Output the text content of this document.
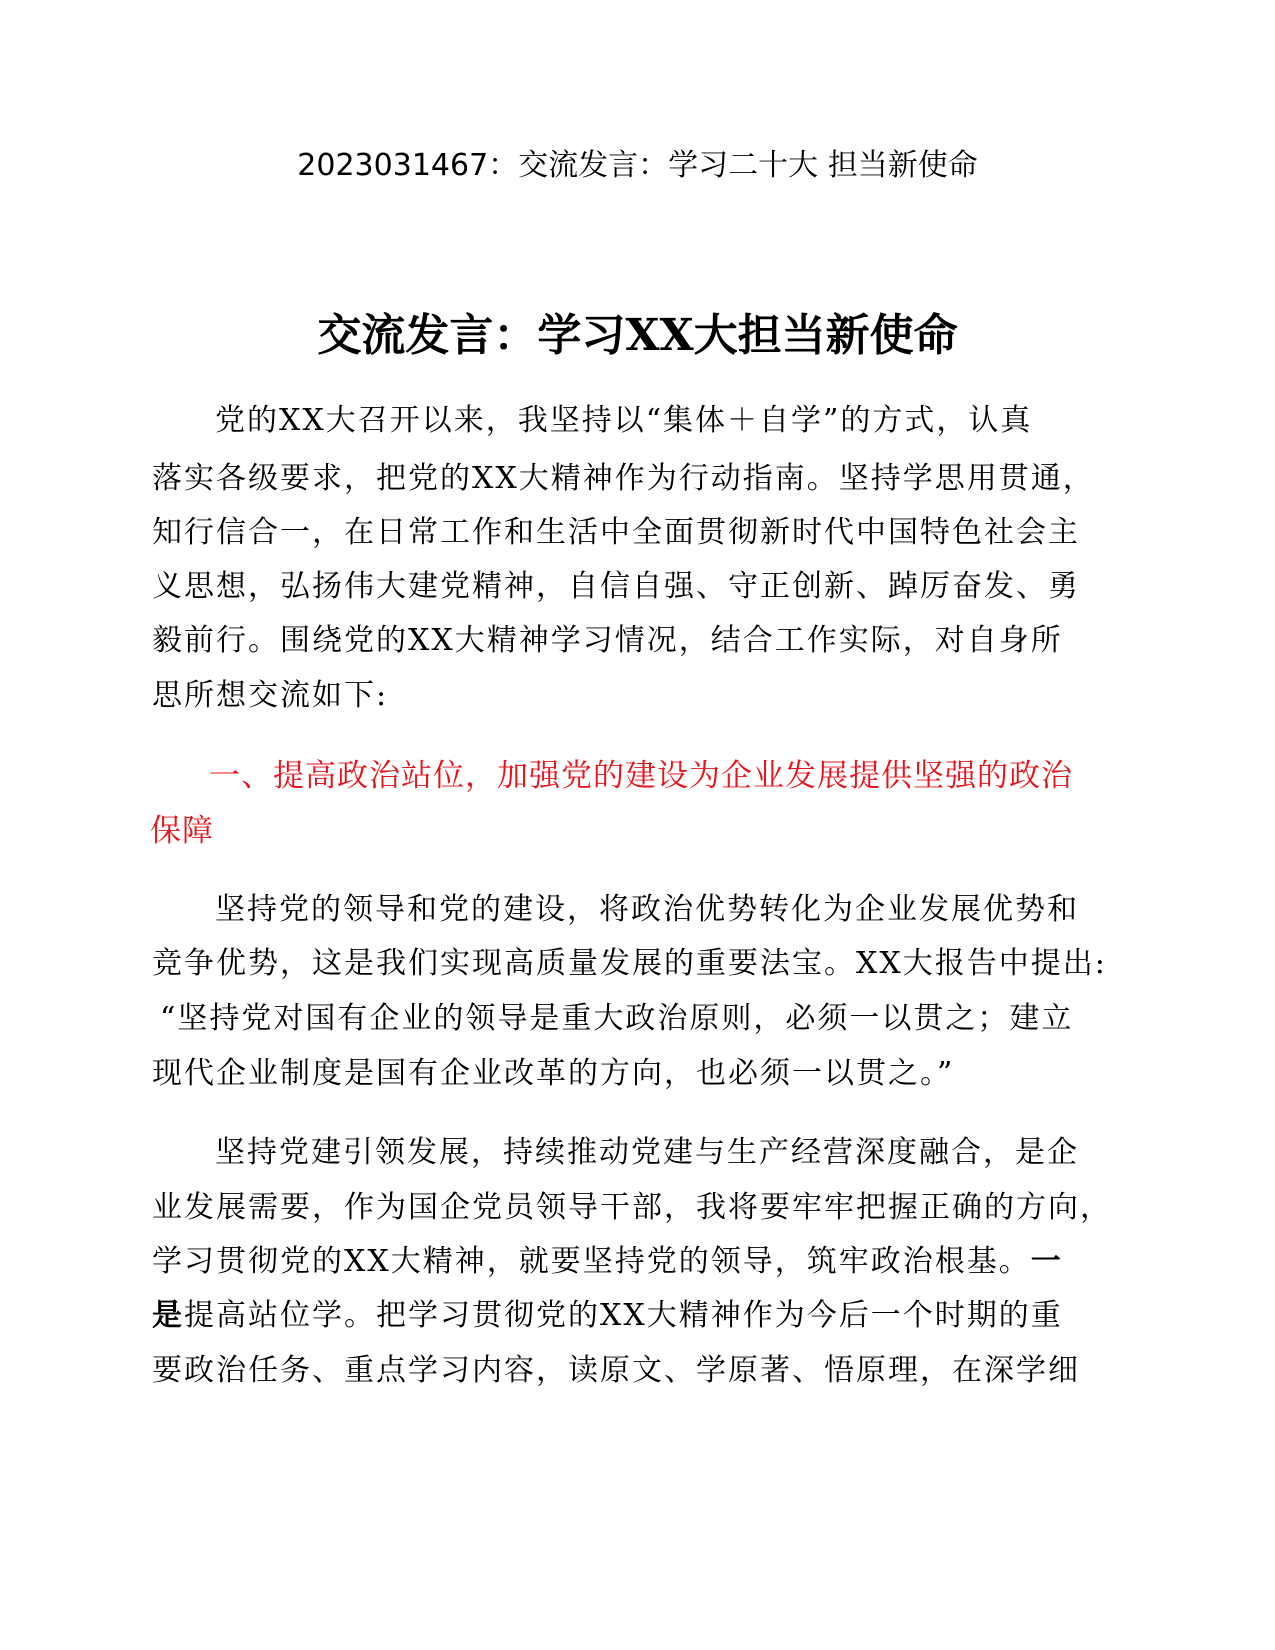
2023031467：交流发言：学习二十大 担当新使命
交流发言：学习XX大担当新使命
党的XX大召开以来，我坚持以“集体＋自学”的方式，认真
落实各级要求，把党的XX大精神作为行动指南。坚持学思用贯通，
知行信合一，在日常工作和生活中全面贯彻新时代中国特色社会主
义思想，弘扬伟大建党精神，自信自强、守正创新、踔厉奋发、勇
毅前行。围绕党的XX大精神学习情况，结合工作实际，对自身所
思所想交流如下:
一、提高政治站位，加强党的建设为企业发展提供坚强的政治
保障
坚持党的领导和党的建设，将政治优势转化为企业发展优势和
竞争优势，这是我们实现高质量发展的重要法宝。XX大报告中提出:
“坚持党对国有企业的领导是重大政治原则，必须一以贯之；建立
现代企业制度是国有企业改革的方向，也必须一以贯之。”
坚持党建引领发展，持续推动党建与生产经营深度融合，是企
业发展需要，作为国企党员领导干部，我将要牢牢把握正确的方向，
学习贯彻党的XX大精神，就要坚持党的领导，筑牢政治根基。一
是提高站位学。把学习贯彻党的XX大精神作为今后一个时期的重
要政治任务、重点学习内容，读原文、学原著、悟原理，在深学细
